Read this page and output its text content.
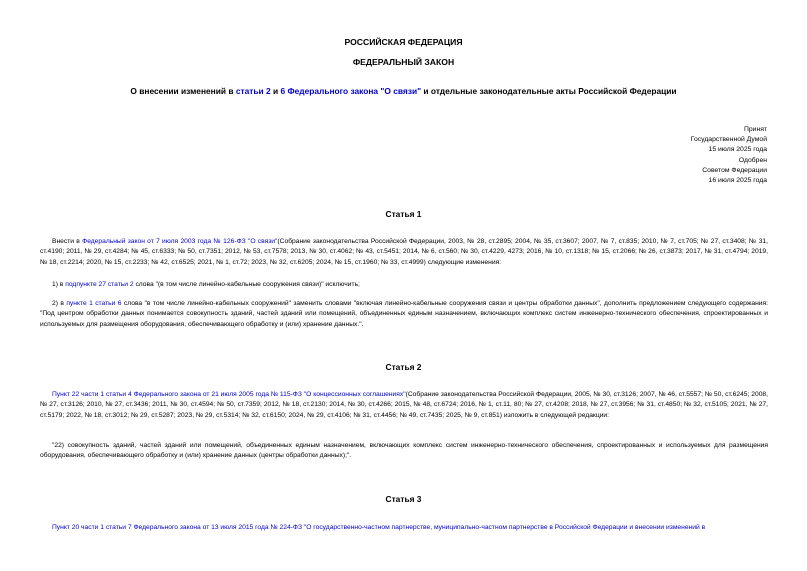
РОССИЙСКАЯ ФЕДЕРАЦИЯ
ФЕДЕРАЛЬНЫЙ ЗАКОН
О внесении изменений в статьи 2 и 6 Федерального закона "О связи" и отдельные законодательные акты Российской Федерации
Принят
Государственной Думой
15 июля 2025 года
Одобрен
Советом Федерации
16 июля 2025 года
Статья 1
Внести в Федеральный закон от 7 июля 2003 года № 126-ФЗ "О связи"(Собрание законодательства Российской Федерации, 2003, № 28, ст.2895; 2004, № 35, ст.3607; 2007, № 7, ст.835; 2010, № 7, ст.705; № 27, ст.3408; № 31, ст.4190; 2011, № 29, ст.4284; № 45, ст.6333; № 50, ст.7351; 2012, № 53, ст.7578; 2013, № 30, ст.4062; № 43, ст.5451; 2014, № 6, ст.560; № 30, ст.4229, 4273; 2016, № 10, ст.1318; № 15, ст.2066; № 26, ст.3873; 2017, № 31, ст.4794; 2019, № 18, ст.2214; 2020, № 15, ст.2233; № 42, ст.6525; 2021, № 1, ст.72; 2023, № 32, ст.6205; 2024, № 15, ст.1960; № 33, ст.4999) следующие изменения:
1) в подпункте 27 статьи 2 слова "(в том числе линейно-кабельные сооружения связи)" исключить;
2) в пункте 1 статьи 6 слова "в том числе линейно-кабельных сооружений" заменить словами "включая линейно-кабельные сооружения связи и центры обработки данных", дополнить предложением следующего содержания: "Под центром обработки данных понимается совокупность зданий, частей зданий или помещений, объединенных единым назначением, включающих комплекс систем инженерно-технического обеспечения, спроектированных и используемых для размещения оборудования, обеспечивающего обработку и (или) хранение данных.".
Статья 2
Пункт 22 части 1 статьи 4 Федерального закона от 21 июля 2005 года № 115-ФЗ "О концессионных соглашениях"(Собрание законодательства Российской Федерации, 2005, № 30, ст.3126; 2007, № 46, ст.5557; № 50, ст.6245; 2008, № 27, ст.3126; 2010, № 27, ст.3436; 2011, № 30, ст.4594; № 50, ст.7359; 2012, № 18, ст.2130; 2014, № 30, ст.4266; 2015, № 48, ст.6724; 2016, № 1, ст.11, 80; № 27, ст.4208; 2018, № 27, ст.3956; № 31, ст.4850; № 32, ст.5105; 2021, № 27, ст.5179; 2022, № 18, ст.3012; № 29, ст.5287; 2023, № 29, ст.5314; № 32, ст.6150; 2024, № 29, ст.4106; № 31, ст.4456; № 49, ст.7435; 2025, № 9, ст.851) изложить в следующей редакции:
"22) совокупность зданий, частей зданий или помещений, объединенных единым назначением, включающих комплекс систем инженерно-технического обеспечения, спроектированных и используемых для размещения оборудования, обеспечивающего обработку и (или) хранение данных (центры обработки данных);".
Статья 3
Пункт 20 части 1 статьи 7 Федерального закона от 13 июля 2015 года № 224-ФЗ "О государственно-частном партнерстве, муниципально-частном партнерстве в Российской Федерации и внесении изменений в
